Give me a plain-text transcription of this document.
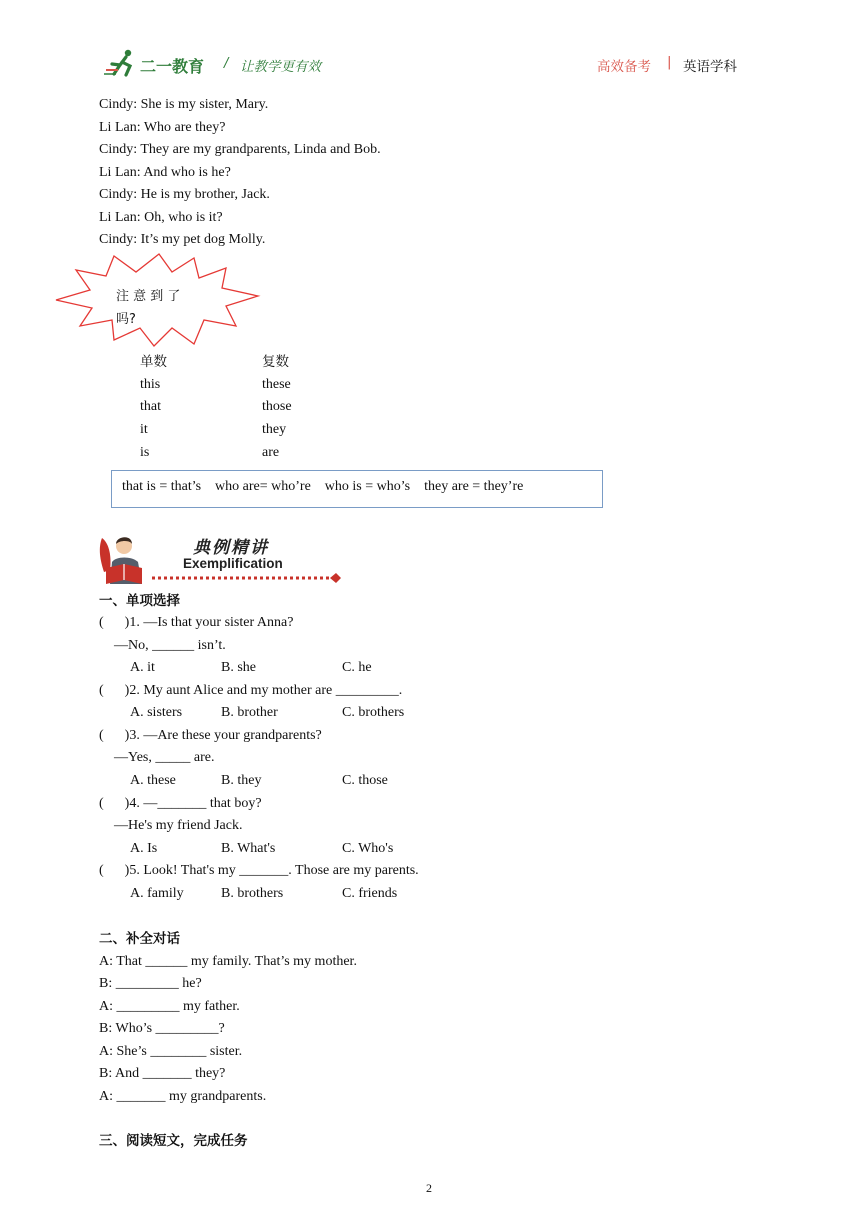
二一教育 / 让教学更有效	高效备考 | 英语学科
Cindy: She is my sister, Mary.
Li Lan: Who are they?
Cindy: They are my grandparents, Linda and Bob.
Li Lan: And who is he?
Cindy: He is my brother, Jack.
Li Lan: Oh, who is it?
Cindy: It’s my pet dog Molly.
注 意 到 了
吗?
单数	复数
this	these
that	those
it	they
is	are
that is = that’s    who are= who’re    who is = who’s    they are = they’re
典例精讲
Exemplification
一、单项选择
(      )1. —Is that your sister Anna?
—No, ______ isn’t.
A. it	B. she	C. he
(      )2. My aunt Alice and my mother are _________.
A. sisters	B. brother	C. brothers
(      )3. —Are these your grandparents?
—Yes, _____ are.
A. these	B. they	C. those
(      )4. —_______ that boy?
—He's my friend Jack.
A. Is	B. What's	C. Who's
(      )5. Look! That's my _______. Those are my parents.
A. family	B. brothers	C. friends
二、补全对话
A: That ______ my family. That’s my mother.
B: _________ he?
A: _________ my father.
B: Who’s _________?
A: She’s ________ sister.
B: And _______ they?
A: _______ my grandparents.
三、阅读短文，完成任务
2
